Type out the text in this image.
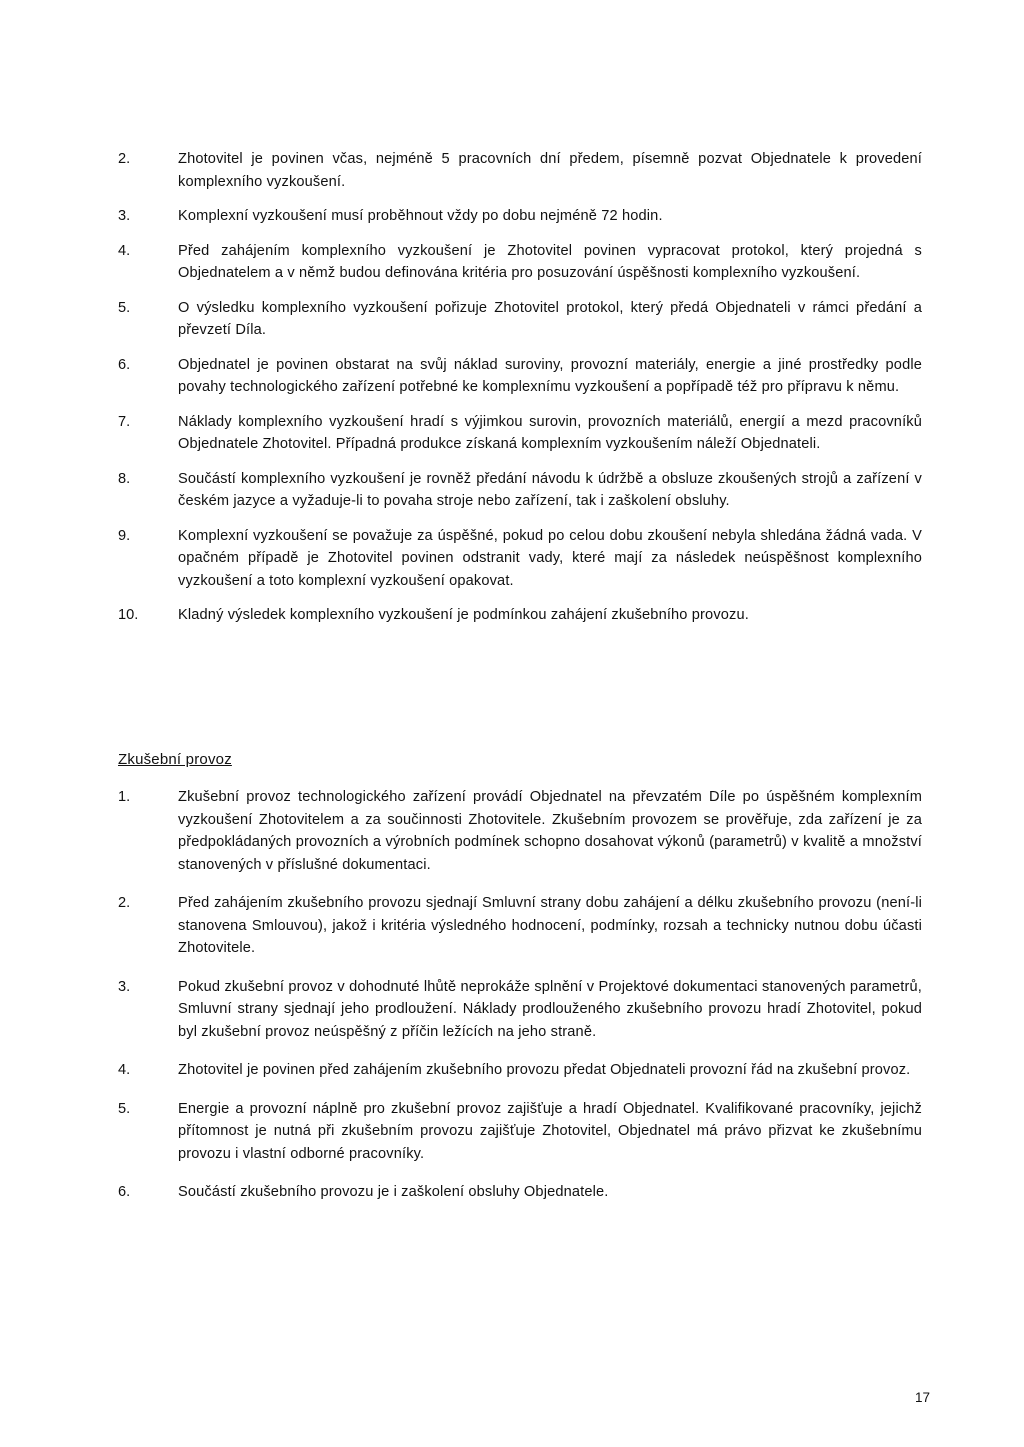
2.	Zhotovitel je povinen včas, nejméně 5 pracovních dní předem, písemně pozvat Objednatele k provedení komplexního vyzkoušení.
3.	Komplexní vyzkoušení musí proběhnout vždy po dobu nejméně 72 hodin.
4.	Před zahájením komplexního vyzkoušení je Zhotovitel povinen vypracovat protokol, který projedná s Objednatelem a v němž budou definována kritéria pro posuzování úspěšnosti komplexního vyzkoušení.
5.	O výsledku komplexního vyzkoušení pořizuje Zhotovitel protokol, který předá Objednateli v rámci předání a převzetí Díla.
6.	Objednatel je povinen obstarat na svůj náklad suroviny, provozní materiály, energie a jiné prostředky podle povahy technologického zařízení potřebné ke komplexnímu vyzkoušení a popřípadě též pro přípravu k němu.
7.	Náklady komplexního vyzkoušení hradí s výjimkou surovin, provozních materiálů, energií a mezd pracovníků Objednatele Zhotovitel. Případná produkce získaná komplexním vyzkoušením náleží Objednateli.
8.	Součástí komplexního vyzkoušení je rovněž předání návodu k údržbě a obsluze zkoušených strojů a zařízení v českém jazyce a vyžaduje-li to povaha stroje nebo zařízení, tak i zaškolení obsluhy.
9.	Komplexní vyzkoušení se považuje za úspěšné, pokud po celou dobu zkoušení nebyla shledána žádná vada. V opačném případě je Zhotovitel povinen odstranit vady, které mají za následek neúspěšnost komplexního vyzkoušení a toto komplexní vyzkoušení opakovat.
10.	Kladný výsledek komplexního vyzkoušení je podmínkou zahájení zkušebního provozu.
Zkušební provoz
1.	Zkušební provoz technologického zařízení provádí Objednatel na převzatém Díle po úspěšném komplexním vyzkoušení Zhotovitelem a za součinnosti Zhotovitele. Zkušebním provozem se prověřuje, zda zařízení je za předpokládaných provozních a výrobních podmínek schopno dosahovat výkonů (parametrů) v kvalitě a množství stanovených v příslušné dokumentaci.
2.	Před zahájením zkušebního provozu sjednají Smluvní strany dobu zahájení a délku zkušebního provozu (není-li stanovena Smlouvou), jakož i kritéria výsledného hodnocení, podmínky, rozsah a technicky nutnou dobu účasti Zhotovitele.
3.	Pokud zkušební provoz v dohodnuté lhůtě neprokáže splnění v Projektové dokumentaci stanovených parametrů, Smluvní strany sjednají jeho prodloužení. Náklady prodlouženého zkušebního provozu hradí Zhotovitel, pokud byl zkušební provoz neúspěšný z příčin ležících na jeho straně.
4.	Zhotovitel je povinen před zahájením zkušebního provozu předat Objednateli provozní řád na zkušební provoz.
5.	Energie a provozní náplně pro zkušební provoz zajišťuje a hradí Objednatel. Kvalifikované pracovníky, jejichž přítomnost je nutná při zkušebním provozu zajišťuje Zhotovitel, Objednatel má právo přizvat ke zkušebnímu provozu i vlastní odborné pracovníky.
6.	Součástí zkušebního provozu je i zaškolení obsluhy Objednatele.
17
